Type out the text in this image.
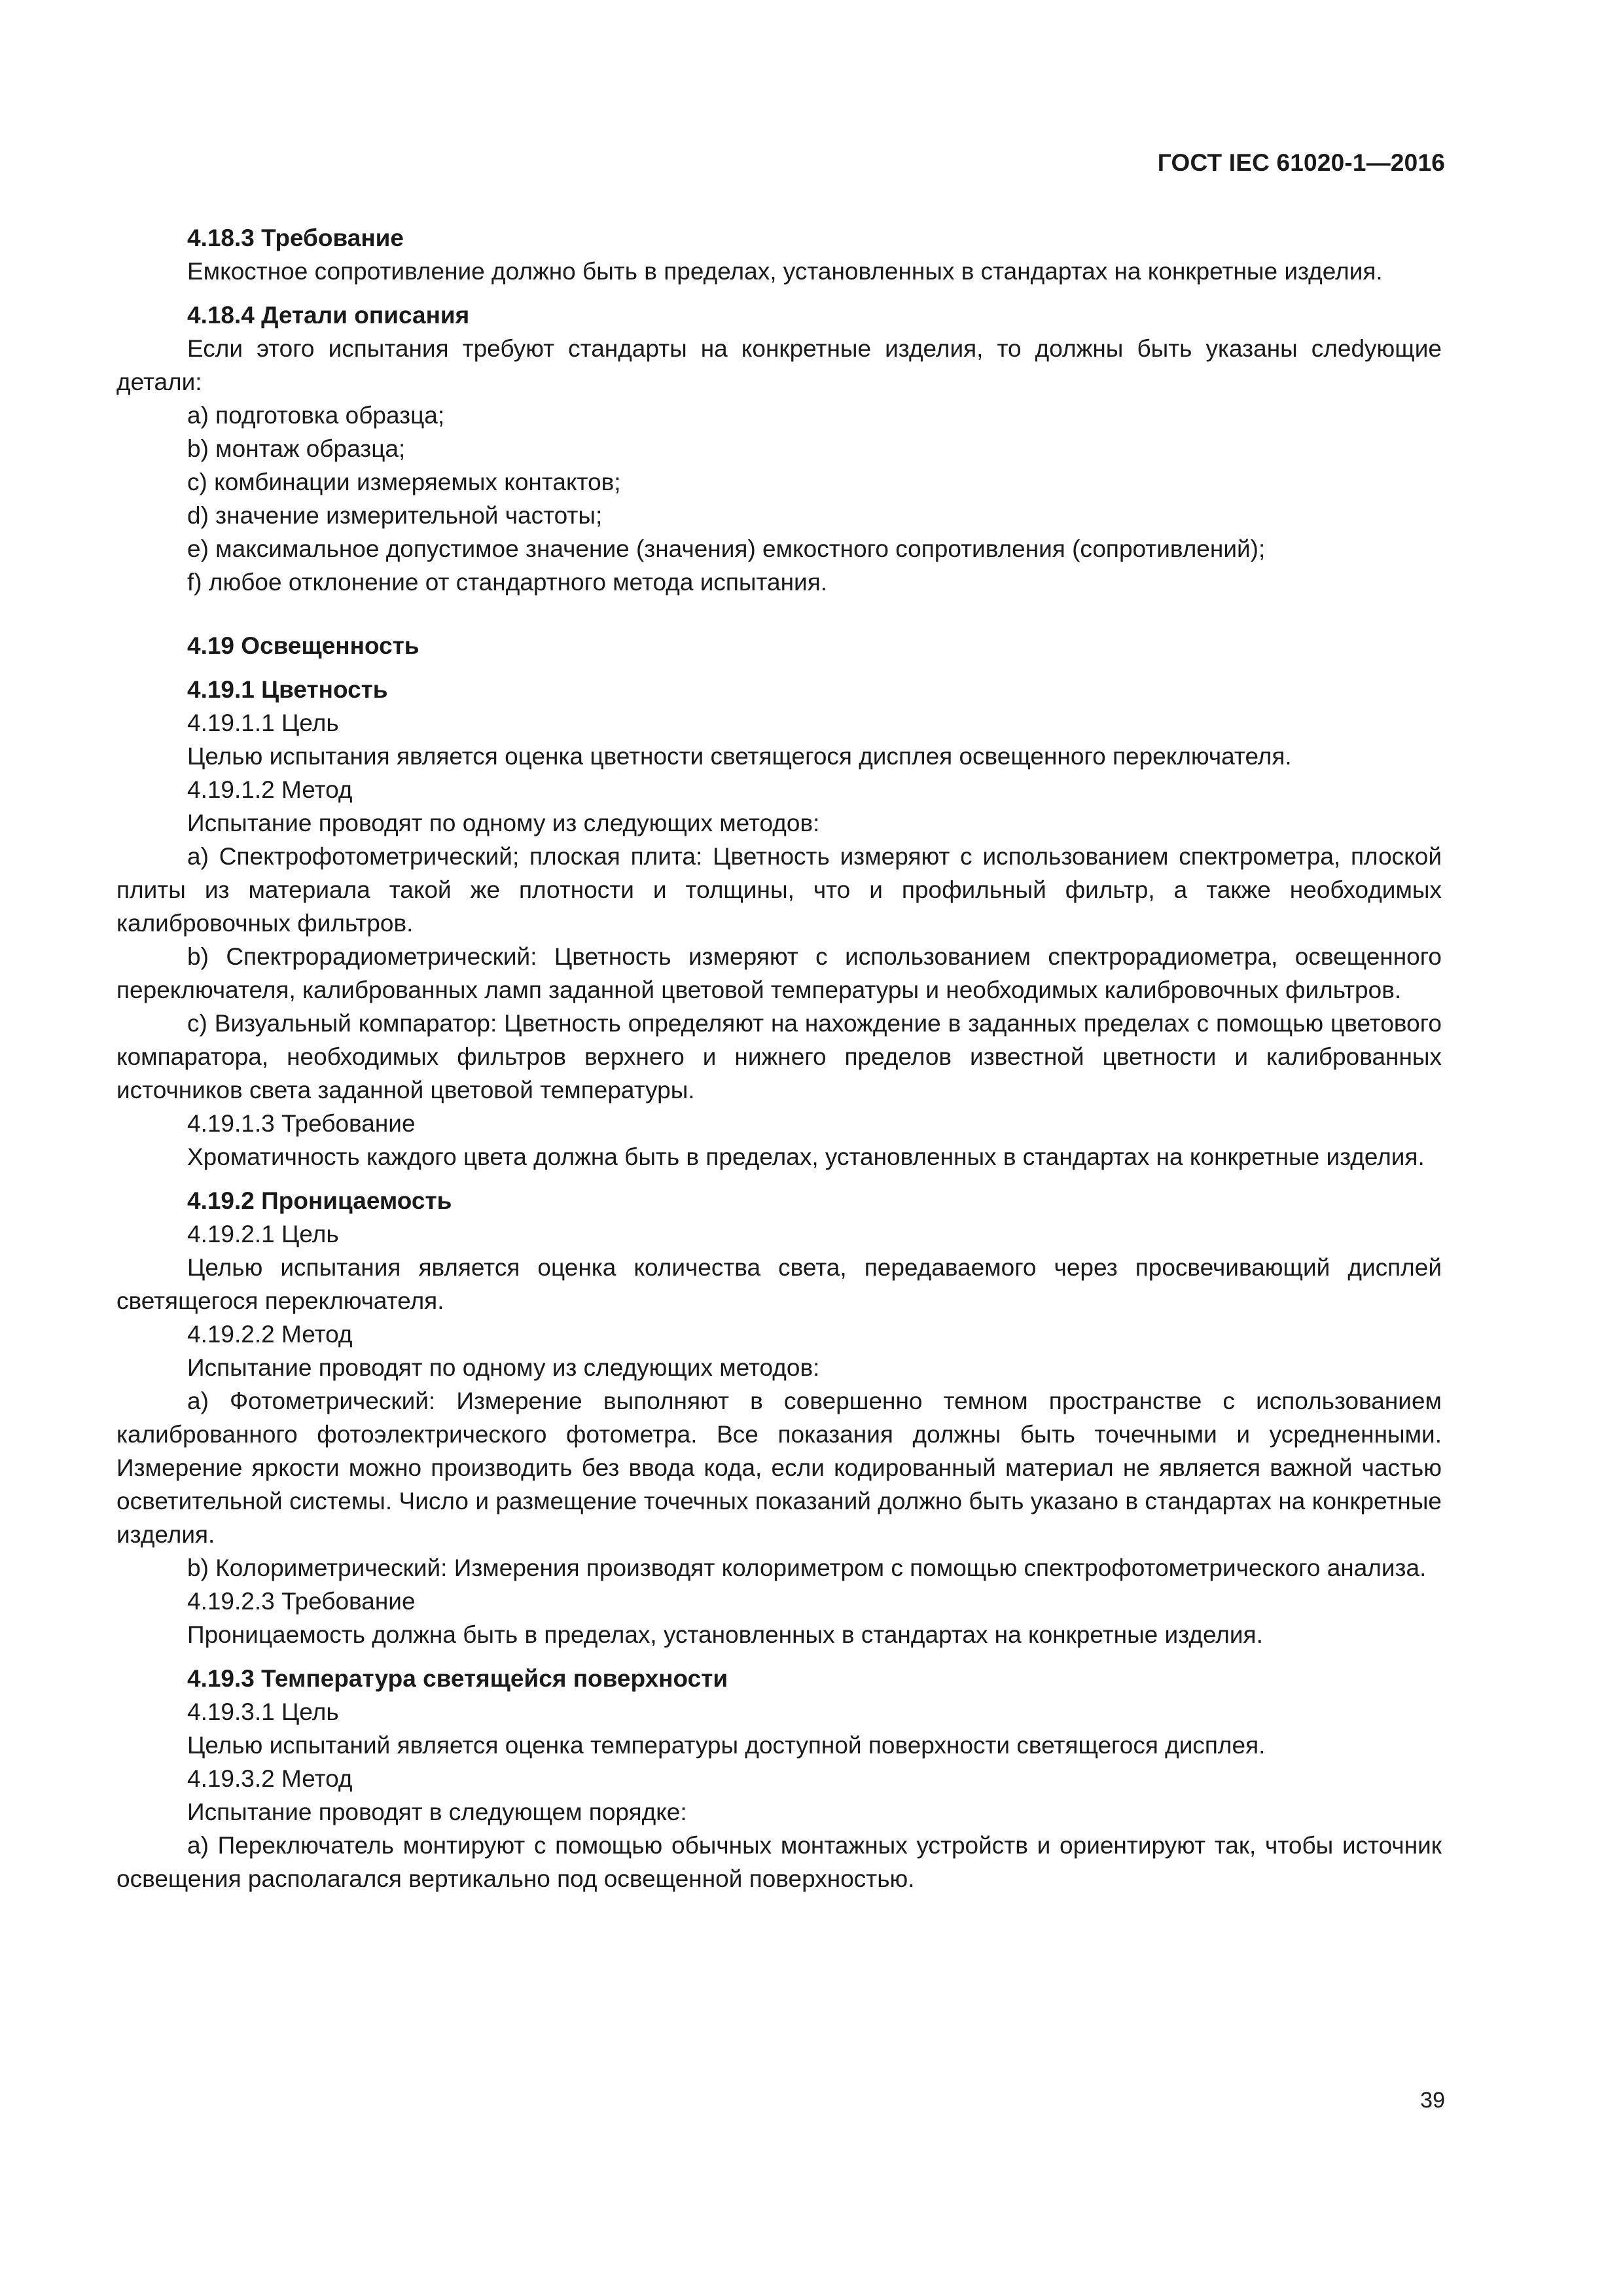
ГОСТ IEC 61020-1—2016
4.18.3 Требование

Емкостное сопротивление должно быть в пределах, установленных в стандартах на конкретные изделия.

4.18.4 Детали описания

Если этого испытания требуют стандарты на конкретные изделия, то должны быть указаны слеdующие детали:

a) подготовка образца;

b) монтаж образца;

c) комбинации измеряемых контактов;

d) значение измерительной частоты;

e) максимальное допустимое значение (значения) емкостного сопротивления (сопротивлений);

f) любое отклонение от стандартного метода испытания.

4.19 Освещенность
4.19.1 Цветность

4.19.1.1 Цель

Целью испытания является оценка цветности светящегося дисплея освещенного переключателя.

4.19.1.2 Метод

Испытание проводят по одному из следующих методов:

a) Спектрофотометрический; плоская плита: Цветность измеряют с использованием спектрометра, плоской плиты из материала такой же плотности и толщины, что и профильный фильтр, а также необходимых калибровочных фильтров.

b) Спектрорадиометрический: Цветность измеряют с использованием спектрорадиометра, освещенного переключателя, калиброванных ламп заданной цветовой температуры и необходимых калибровочных фильтров.

c) Визуальный компаратор: Цветность определяют на нахождение в заданных пределах с помощью цветового компаратора, необходимых фильтров верхнего и нижнего пределов известной цветности и калиброванных источников света заданной цветовой температуры.

4.19.1.3 Требование

Хроматичность каждого цвета должна быть в пределах, установленных в стандартах на конкретные изделия.

4.19.2 Проницаемость

4.19.2.1 Цель

Целью испытания является оценка количества света, передаваемого через просвечивающий дисплей светящегося переключателя.

4.19.2.2 Метод

Испытание проводят по одному из следующих методов:

a) Фотометрический: Измерение выполняют в совершенно темном пространстве с использованием калиброванного фотоэлектрического фотометра. Все показания должны быть точечными и усредненными. Измерение яркости можно производить без ввода кода, если кодированный материал не является важной частью осветительной системы. Число и размещение точечных показаний должно быть указано в стандартах на конкретные изделия.

b) Колориметрический: Измерения производят колориметром с помощью спектрофотометрического анализа.

4.19.2.3 Требование

Проницаемость должна быть в пределах, установленных в стандартах на конкретные изделия.

4.19.3 Температура светящейся поверхности

4.19.3.1 Цель

Целью испытаний является оценка температуры доступной поверхности светящегося дисплея.

4.19.3.2 Метод

Испытание проводят в следующем порядке:

a) Переключатель монтируют с помощью обычных монтажных устройств и ориентируют так, чтобы источник освещения располагался вертикально под освещенной поверхностью.

39
